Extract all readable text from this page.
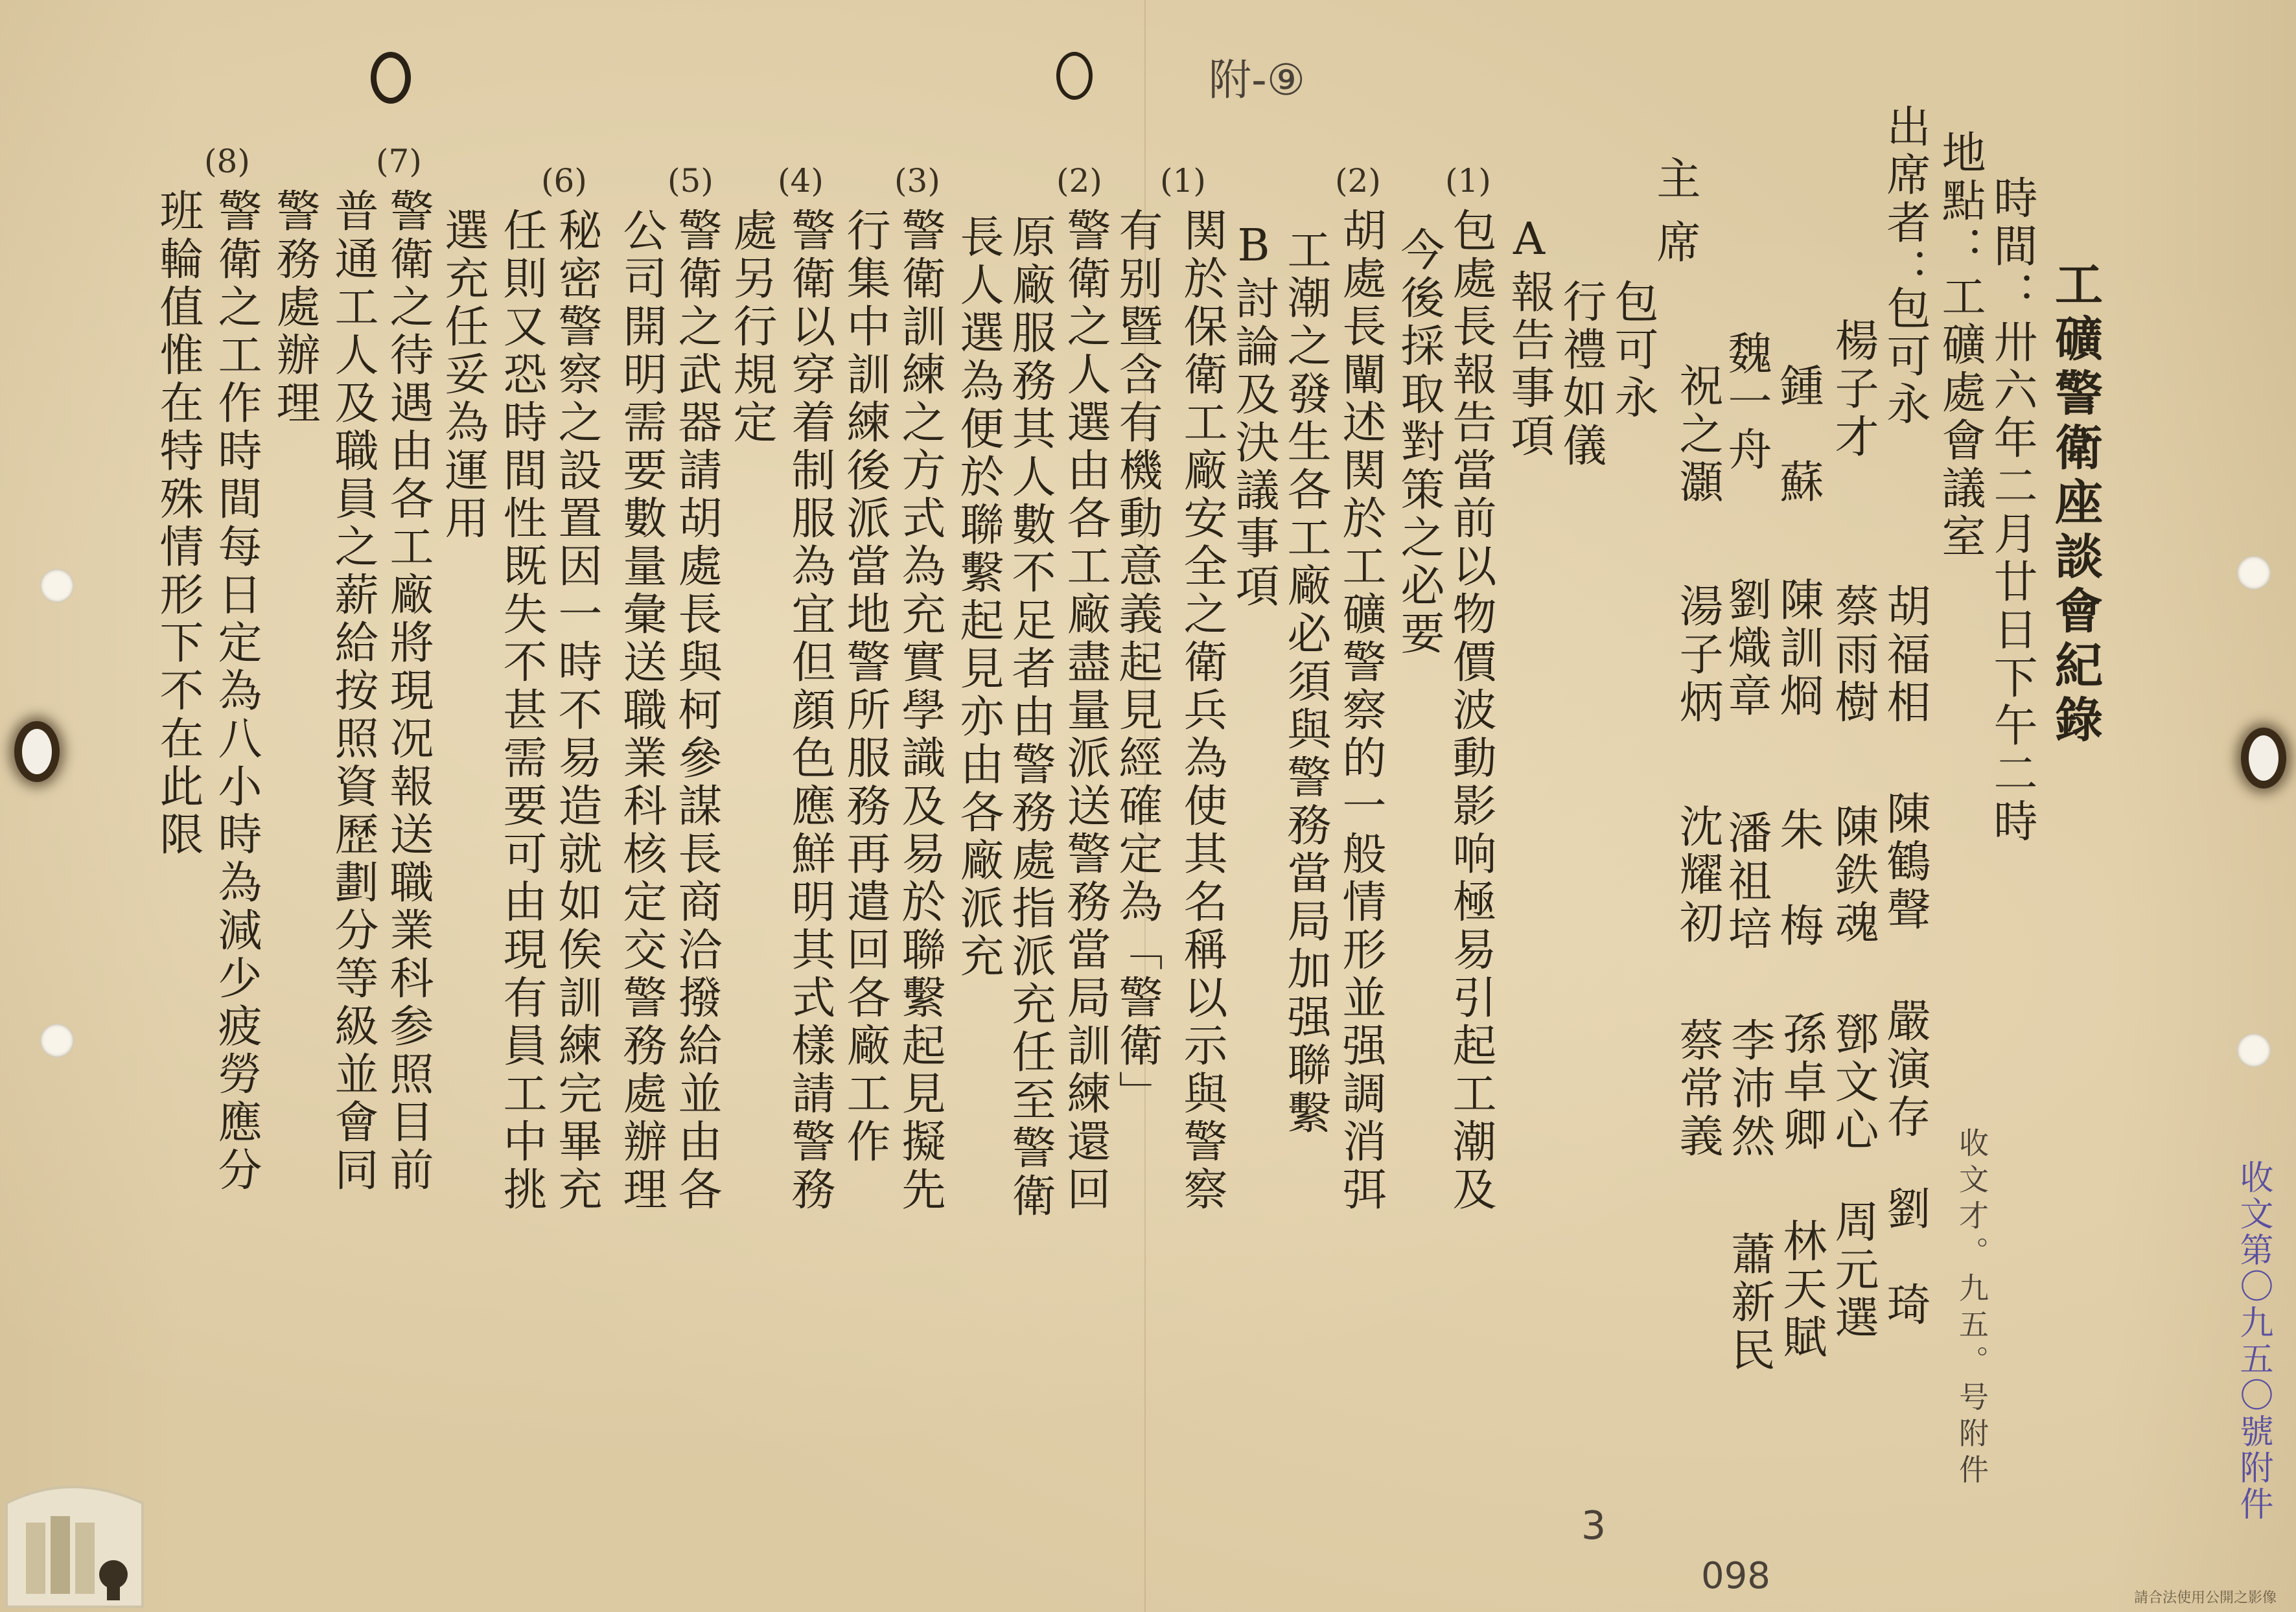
附-⑨
工礦警衛座談會紀錄
時間：卅六年二月廿日下午二時
地點：工礦處會議室
出席者：
包可永
楊子才
鍾　蘇
魏一舟
祝之灝
胡福相
蔡雨樹
陳訓烱
劉熾章
湯子炳
陳鶴聲
陳鉄魂
朱　梅
潘祖培
沈耀初
嚴演存
鄧文心
孫卓卿
李沛然
蔡常義
劉　琦
周元選
林天賦
蕭新民
主席
包可永
行禮如儀
A報告事項
(1)
包處長報告當前以物價波動影响極易引起工潮及
今後採取對策之必要
(2)
胡處長闡述関於工礦警察的一般情形並强調消弭
工潮之發生各工廠必須與警務當局加强聯繫
B討論及決議事項
(1)
関於保衛工廠安全之衛兵為使其名稱以示與警察
有别暨含有機動意義起見經確定為「警衛」
(2)
警衛之人選由各工廠盡量派送警務當局訓練還回
原廠服務其人數不足者由警務處指派充任至警衛
長人選為便於聯繫起見亦由各廠派充
(3)
警衛訓練之方式為充實學識及易於聯繫起見擬先
行集中訓練後派當地警所服務再遣回各廠工作
(4)
警衛以穿着制服為宜但顔色應鮮明其式樣請警務
處另行規定
(5)
警衛之武器請胡處長與柯參謀長商洽撥給並由各
公司開明需要數量彙送職業科核定交警務處辦理
(6)
秘密警察之設置因一時不易造就如俟訓練完畢充
任則又恐時間性既失不甚需要可由現有員工中挑
選充任妥為運用
(7)
警衛之待遇由各工廠將現况報送職業科参照目前
普通工人及職員之薪給按照資歷劃分等級並會同
警務處辦理
(8)
警衛之工作時間每日定為八小時為減少疲勞應分
班輪值惟在特殊情形下不在此限
收文才。九五。号附件
3
098
收文第〇九五〇號附件
請合法使用公開之影像
